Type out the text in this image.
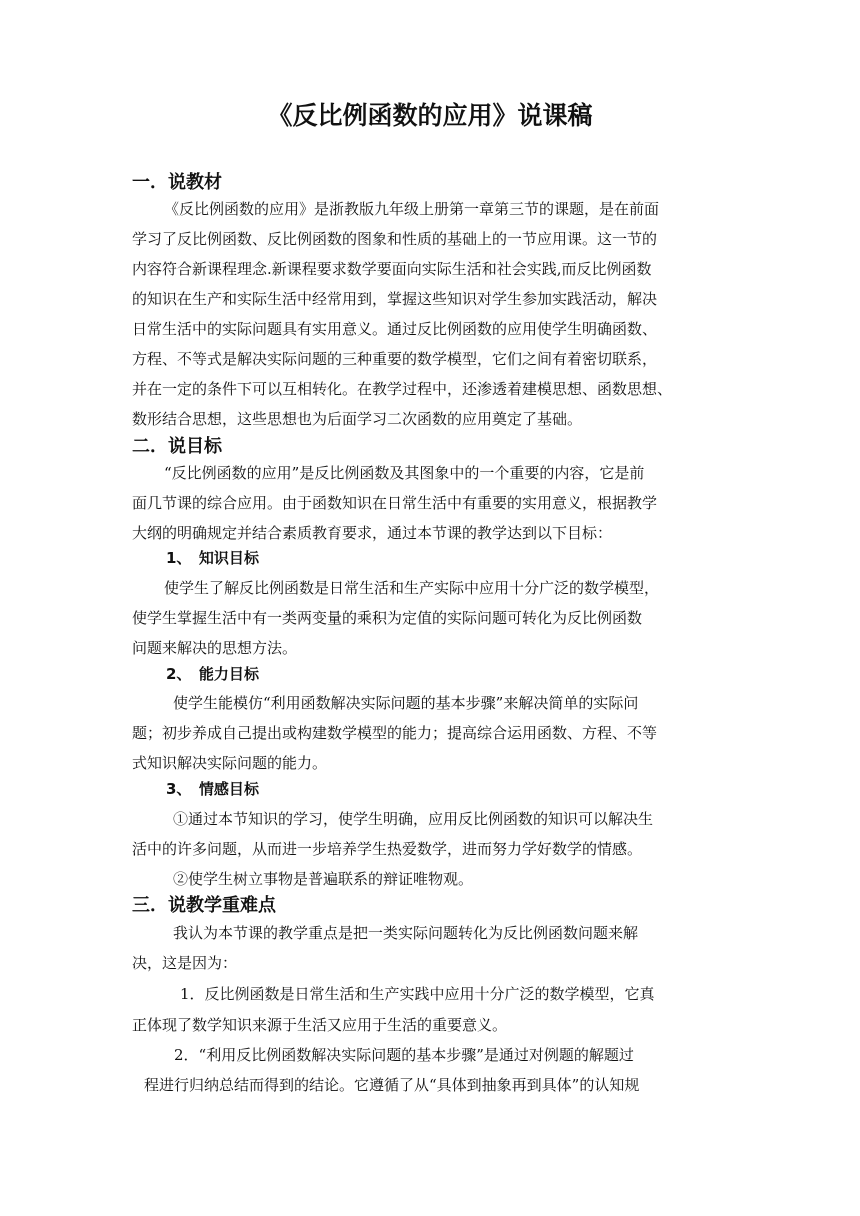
《反比例函数的应用》说课稿
一．说教材
《反比例函数的应用》是浙教版九年级上册第一章第三节的课题，是在前面
学习了反比例函数、反比例函数的图象和性质的基础上的一节应用课。这一节的
内容符合新课程理念.新课程要求数学要面向实际生活和社会实践,而反比例函数
的知识在生产和实际生活中经常用到，掌握这些知识对学生参加实践活动，解决
日常生活中的实际问题具有实用意义。通过反比例函数的应用使学生明确函数、
方程、不等式是解决实际问题的三种重要的数学模型，它们之间有着密切联系，
并在一定的条件下可以互相转化。在教学过程中，还渗透着建模思想、函数思想、
数形结合思想，这些思想也为后面学习二次函数的应用奠定了基础。
二．说目标
“反比例函数的应用”是反比例函数及其图象中的一个重要的内容，它是前
面几节课的综合应用。由于函数知识在日常生活中有重要的实用意义，根据教学
大纲的明确规定并结合素质教育要求，通过本节课的教学达到以下目标：
1、　知识目标
使学生了解反比例函数是日常生活和生产实际中应用十分广泛的数学模型，
使学生掌握生活中有一类两变量的乘积为定值的实际问题可转化为反比例函数
问题来解决的思想方法。
2、　能力目标
使学生能模仿“利用函数解决实际问题的基本步骤”来解决简单的实际问
题；初步养成自己提出或构建数学模型的能力；提高综合运用函数、方程、不等
式知识解决实际问题的能力。
3、　情感目标
①通过本节知识的学习，使学生明确，应用反比例函数的知识可以解决生
活中的许多问题，从而进一步培养学生热爱数学，进而努力学好数学的情感。
②使学生树立事物是普遍联系的辩证唯物观。
三．说教学重难点
我认为本节课的教学重点是把一类实际问题转化为反比例函数问题来解
决，这是因为：
1．反比例函数是日常生活和生产实践中应用十分广泛的数学模型，它真
正体现了数学知识来源于生活又应用于生活的重要意义。
2．“利用反比例函数解决实际问题的基本步骤”是通过对例题的解题过
程进行归纳总结而得到的结论。它遵循了从“具体到抽象再到具体”的认知规
